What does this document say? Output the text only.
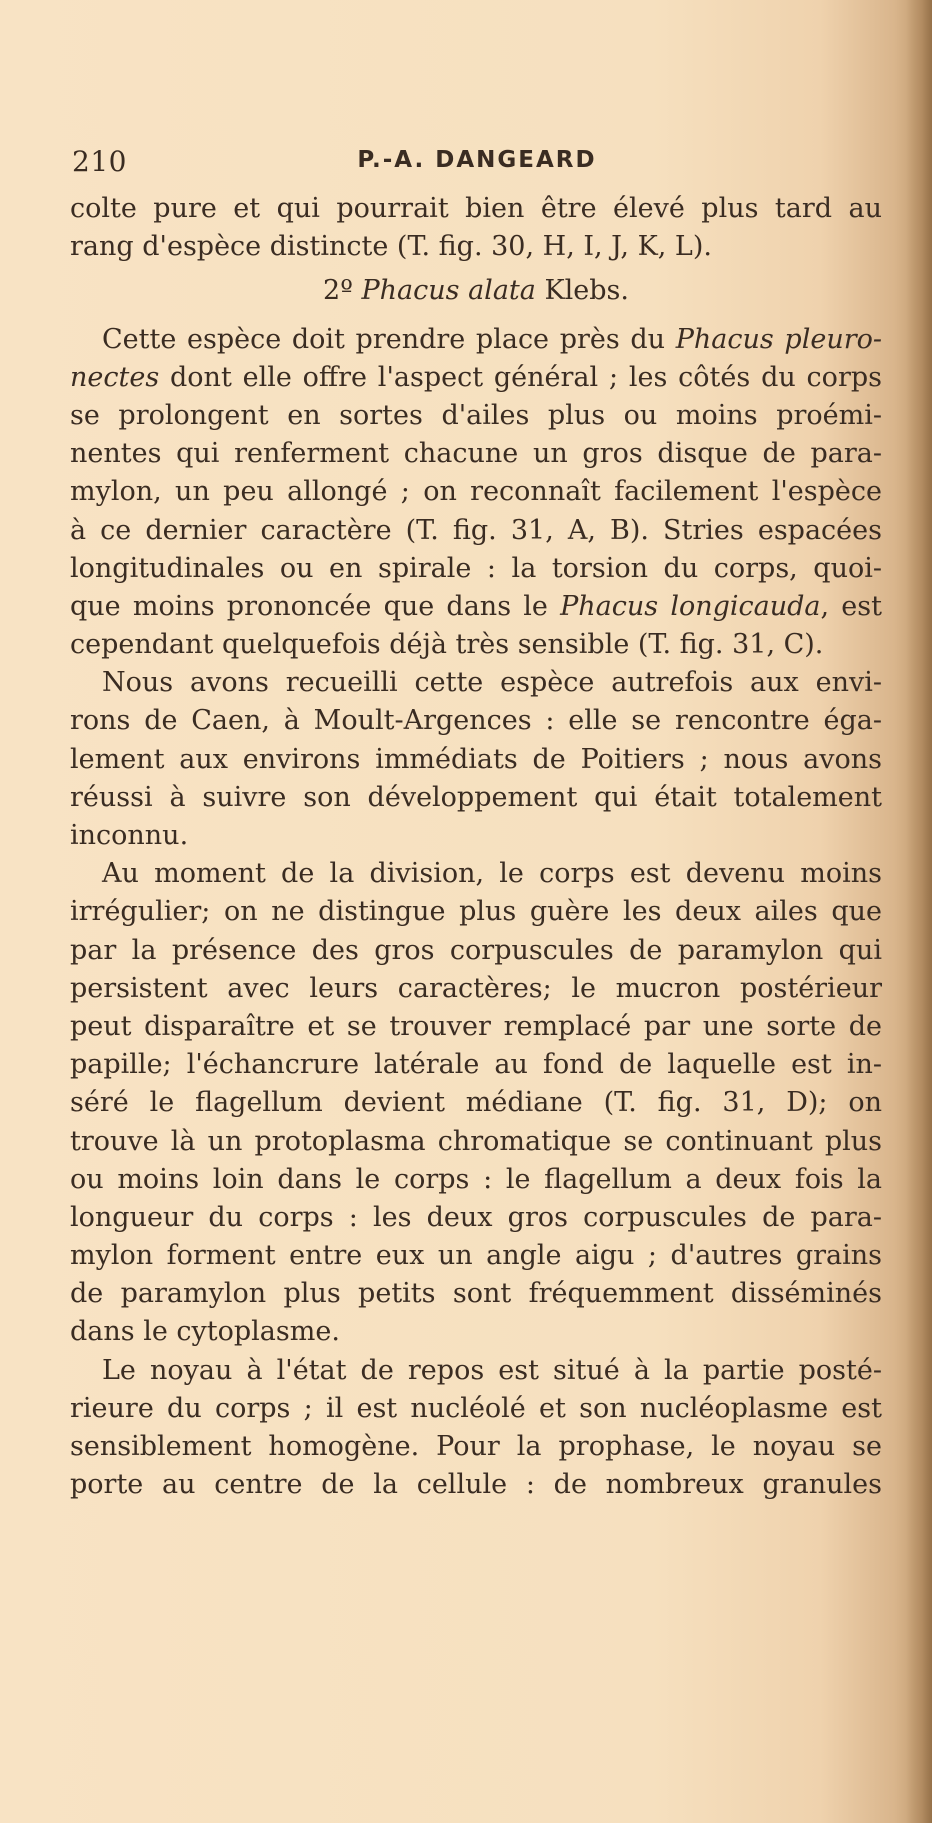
210	P.-A. DANGEARD
colte pure et qui pourrait bien être élevé plus tard au
rang d'espèce distincte (T. fig. 30, H, I, J, K, L).
2º Phacus alata Klebs.
Cette espèce doit prendre place près du Phacus pleuro-
nectes dont elle offre l'aspect général ; les côtés du corps
se prolongent en sortes d'ailes plus ou moins proémi-
nentes qui renferment chacune un gros disque de para-
mylon, un peu allongé ; on reconnaît facilement l'espèce
à ce dernier caractère (T. fig. 31, A, B). Stries espacées
longitudinales ou en spirale : la torsion du corps, quoi-
que moins prononcée que dans le Phacus longicauda, est
cependant quelquefois déjà très sensible (T. fig. 31, C).
Nous avons recueilli cette espèce autrefois aux envi-
rons de Caen, à Moult-Argences : elle se rencontre éga-
lement aux environs immédiats de Poitiers ; nous avons
réussi à suivre son développement qui était totalement
inconnu.
Au moment de la division, le corps est devenu moins
irrégulier; on ne distingue plus guère les deux ailes que
par la présence des gros corpuscules de paramylon qui
persistent avec leurs caractères; le mucron postérieur
peut disparaître et se trouver remplacé par une sorte de
papille; l'échancrure latérale au fond de laquelle est in-
séré le flagellum devient médiane (T. fig. 31, D); on
trouve là un protoplasma chromatique se continuant plus
ou moins loin dans le corps : le flagellum a deux fois la
longueur du corps : les deux gros corpuscules de para-
mylon forment entre eux un angle aigu ; d'autres grains
de paramylon plus petits sont fréquemment disséminés
dans le cytoplasme.
Le noyau à l'état de repos est situé à la partie posté-
rieure du corps ; il est nucléolé et son nucléoplasme est
sensiblement homogène. Pour la prophase, le noyau se
porte au centre de la cellule : de nombreux granules
